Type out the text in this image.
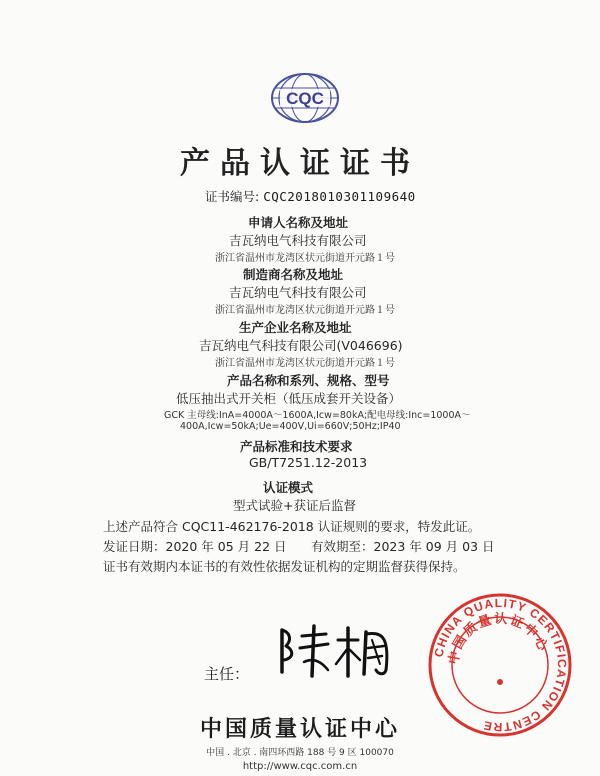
CQC
产品认证证书
证书编号: CQC2018010301109640
申请人名称及地址
吉瓦纳电气科技有限公司
浙江省温州市龙湾区状元街道开元路１号
制造商名称及地址
吉瓦纳电气科技有限公司
浙江省温州市龙湾区状元街道开元路１号
生产企业名称及地址
吉瓦纳电气科技有限公司(V046696)
浙江省温州市龙湾区状元街道开元路１号
产品名称和系列、规格、型号
低压抽出式开关柜（低压成套开关设备）
GCK 主母线:InA=4000A～1600A,Icw=80kA;配电母线:Inc=1000A～
400A,Icw=50kA;Ue=400V,Ui=660V;50Hz;IP40
产品标准和技术要求
GB/T7251.12-2013
认证模式
型式试验+获证后监督
上述产品符合 CQC11-462176-2018 认证规则的要求，特发此证。
发证日期：2020 年 05 月 22 日 有效期至：2023 年 09 月 03 日
证书有效期内本证书的有效性依据发证机构的定期监督获得保持。
主任：
CHINA QUALITY CERTIFICATION CENTRE
中国质量认证中心
中国质量认证中心
中国 . 北京 . 南四环西路 188 号 9 区 100070
http://www.cqc.com.cn
